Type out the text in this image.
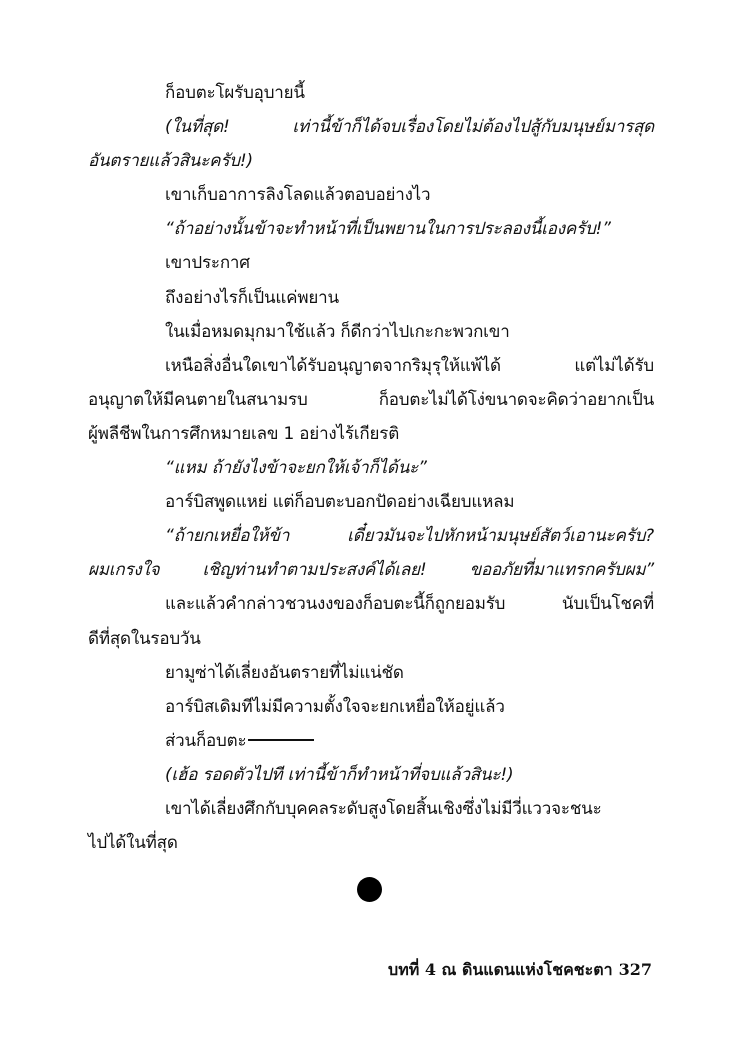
ก็อบตะโผรับอุบายนี้
(ในที่สุด! เท่านี้ข้าก็ได้จบเรื่องโดยไม่ต้องไปสู้กับมนุษย์มารสุด
อันตรายแล้วสินะครับ!)
เขาเก็บอาการลิงโลดแล้วตอบอย่างไว
“ถ้าอย่างนั้นข้าจะทำหน้าที่เป็นพยานในการประลองนี้เองครับ!”
เขาประกาศ
ถึงอย่างไรก็เป็นแค่พยาน
ในเมื่อหมดมุกมาใช้แล้ว ก็ดีกว่าไปเกะกะพวกเขา
เหนือสิ่งอื่นใดเขาได้รับอนุญาตจากริมุรุให้แพ้ได้ แต่ไม่ได้รับ
อนุญาตให้มีคนตายในสนามรบ ก็อบตะไม่ได้โง่ขนาดจะคิดว่าอยากเป็น
ผู้พลีชีพในการศึกหมายเลข 1 อย่างไร้เกียรติ
“แหม ถ้ายังไงข้าจะยกให้เจ้าก็ได้นะ”
อาร์บิสพูดแหย่ แต่ก็อบตะบอกปัดอย่างเฉียบแหลม
“ถ้ายกเหยื่อให้ข้า เดี๋ยวมันจะไปหักหน้ามนุษย์สัตว์เอานะครับ?
ผมเกรงใจ เชิญท่านทำตามประสงค์ได้เลย! ขออภัยที่มาแทรกครับผม”
และแล้วคำกล่าวชวนงงของก็อบตะนี้ก็ถูกยอมรับ นับเป็นโชคที่
ดีที่สุดในรอบวัน
ยามูซ่าได้เลี่ยงอันตรายที่ไม่แน่ชัด
อาร์บิสเดิมทีไม่มีความตั้งใจจะยกเหยื่อให้อยู่แล้ว
ส่วนก็อบตะ
(เฮ้อ รอดตัวไปที เท่านี้ข้าก็ทำหน้าที่จบแล้วสินะ!)
เขาได้เลี่ยงศึกกับบุคคลระดับสูงโดยสิ้นเชิงซึ่งไม่มีวี่แววจะชนะ
ไปได้ในที่สุด
บทที่ 4 ณ ดินแดนแห่งโชคชะตา 327
